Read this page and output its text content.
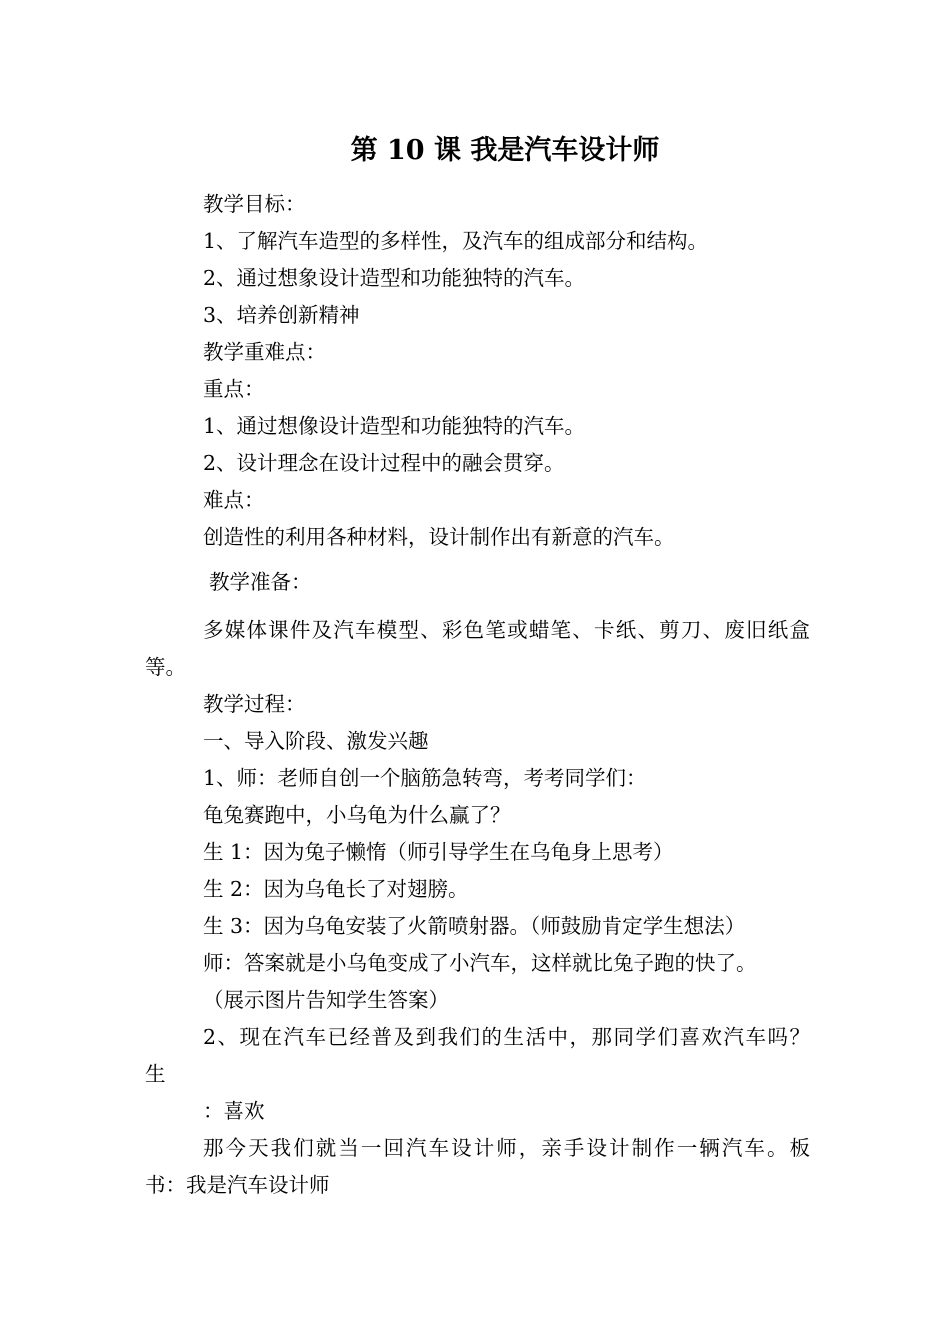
第 10 课 我是汽车设计师
教学目标：
1、了解汽车造型的多样性，及汽车的组成部分和结构。
2、通过想象设计造型和功能独特的汽车。
3、培养创新精神
教学重难点：
重点：
1、通过想像设计造型和功能独特的汽车。
2、设计理念在设计过程中的融会贯穿。
难点：
创造性的利用各种材料，设计制作出有新意的汽车。
教学准备：
多媒体课件及汽车模型、彩色笔或蜡笔、卡纸、剪刀、废旧纸盒
等。
教学过程：
一、导入阶段、激发兴趣
1、师：老师自创一个脑筋急转弯，考考同学们：
龟兔赛跑中，小乌龟为什么赢了？
生 1：因为兔子懒惰（师引导学生在乌龟身上思考）
生 2：因为乌龟长了对翅膀。
生 3：因为乌龟安装了火箭喷射器。（师鼓励肯定学生想法）
师：答案就是小乌龟变成了小汽车，这样就比兔子跑的快了。
（展示图片告知学生答案）
2、现在汽车已经普及到我们的生活中，那同学们喜欢汽车吗？
生
：喜欢
那今天我们就当一回汽车设计师，亲手设计制作一辆汽车。板
书：我是汽车设计师
